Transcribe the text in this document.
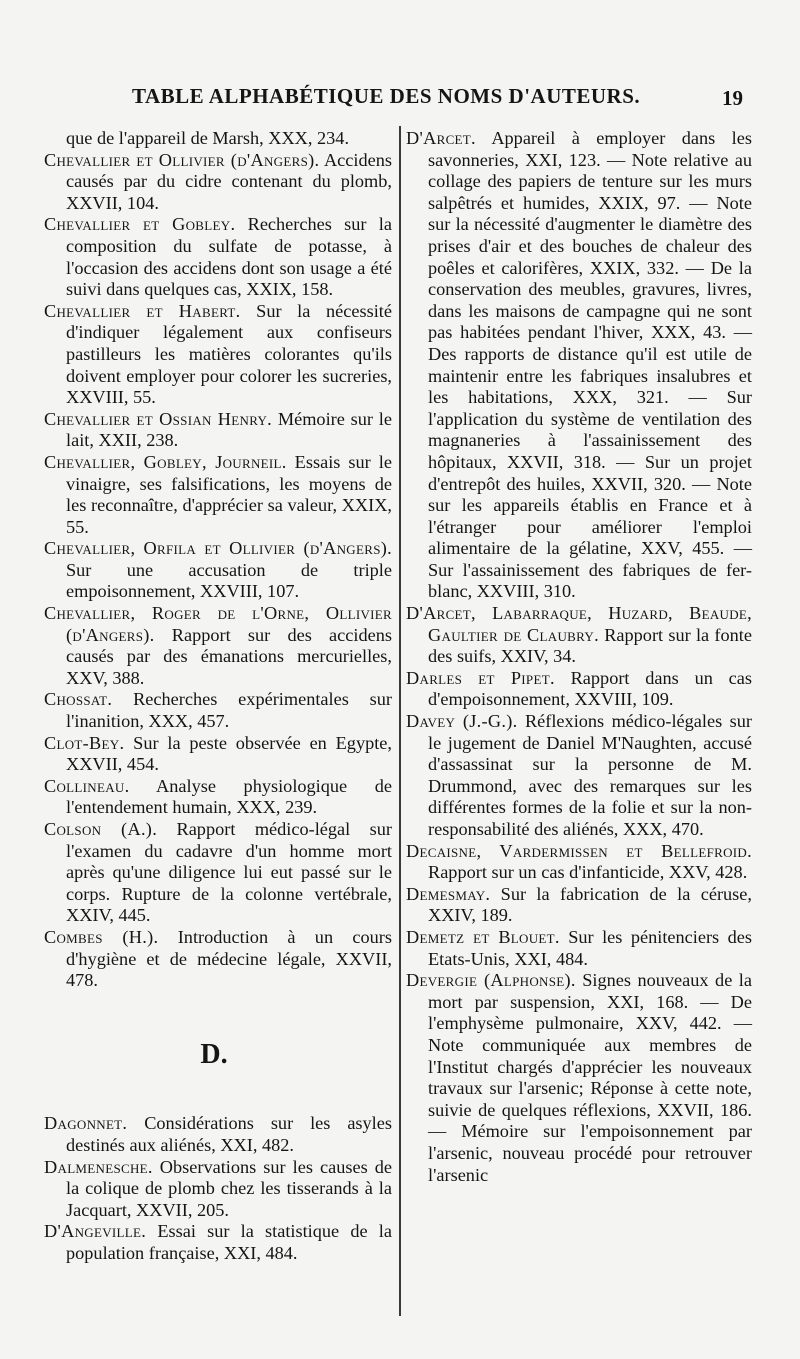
TABLE ALPHABÉTIQUE DES NOMS D'AUTEURS.	19

que de l'appareil de Marsh, XXX, 234.

Chevallier et Ollivier (d'Angers). Accidens causés par du cidre contenant du plomb, XXVII, 104.

Chevallier et Gobley. Recherches sur la composition du sulfate de potasse, à l'occasion des accidens dont son usage a été suivi dans quelques cas, XXIX, 158.

Chevallier et Habert. Sur la nécessité d'indiquer légalement aux confiseurs pastilleurs les matières colorantes qu'ils doivent employer pour colorer les sucreries, XXVIII, 55.

Chevallier et Ossian Henry. Mémoire sur le lait, XXII, 238.

Chevallier, Gobley, Journeil. Essais sur le vinaigre, ses falsifications, les moyens de les reconnaître, d'apprécier sa valeur, XXIX, 55.

Chevallier, Orfila et Ollivier (d'Angers). Sur une accusation de triple empoisonnement, XXVIII, 107.

Chevallier, Roger de l'Orne, Ollivier (d'Angers). Rapport sur des accidens causés par des émanations mercurielles, XXV, 388.

Chossat. Recherches expérimentales sur l'inanition, XXX, 457.

Clot-Bey. Sur la peste observée en Egypte, XXVII, 454.

Collineau. Analyse physiologique de l'entendement humain, XXX, 239.

Colson (A.). Rapport médico-légal sur l'examen du cadavre d'un homme mort après qu'une diligence lui eut passé sur le corps. Rupture de la colonne vertébrale, XXIV, 445.

Combes (H.). Introduction à un cours d'hygiène et de médecine légale, XXVII, 478.

D.

Dagonnet. Considérations sur les asyles destinés aux aliénés, XXI, 482.

Dalmenesche. Observations sur les causes de la colique de plomb chez les tisserands à la Jacquart, XXVII, 205.

D'Angeville. Essai sur la statistique de la population française, XXI, 484.

D'Arcet. Appareil à employer dans les savonneries, XXI, 123. — Note relative au collage des papiers de tenture sur les murs salpêtrés et humides, XXIX, 97. — Note sur la nécessité d'augmenter le diamètre des prises d'air et des bouches de chaleur des poêles et calorifères, XXIX, 332. — De la conservation des meubles, gravures, livres, dans les maisons de campagne qui ne sont pas habitées pendant l'hiver, XXX, 43. — Des rapports de distance qu'il est utile de maintenir entre les fabriques insalubres et les habitations, XXX, 321. — Sur l'application du système de ventilation des magnaneries à l'assainissement des hôpitaux, XXVII, 318. — Sur un projet d'entrepôt des huiles, XXVII, 320. — Note sur les appareils établis en France et à l'étranger pour améliorer l'emploi alimentaire de la gélatine, XXV, 455. — Sur l'assainissement des fabriques de fer-blanc, XXVIII, 310.

D'Arcet, Labarraque, Huzard, Beaude, Gaultier de Claubry. Rapport sur la fonte des suifs, XXIV, 34.

Darles et Pipet. Rapport dans un cas d'empoisonnement, XXVIII, 109.

Davey (J.-G.). Réflexions médico-légales sur le jugement de Daniel M'Naughten, accusé d'assassinat sur la personne de M. Drummond, avec des remarques sur les différentes formes de la folie et sur la non-responsabilité des aliénés, XXX, 470.

Decaisne, Vardermissen et Bellefroid. Rapport sur un cas d'infanticide, XXV, 428.

Demesmay. Sur la fabrication de la céruse, XXIV, 189.

Demetz et Blouet. Sur les pénitenciers des Etats-Unis, XXI, 484.

Devergie (Alphonse). Signes nouveaux de la mort par suspension, XXI, 168. — De l'emphysème pulmonaire, XXV, 442. — Note communiquée aux membres de l'Institut chargés d'apprécier les nouveaux travaux sur l'arsenic; Réponse à cette note, suivie de quelques réflexions, XXVII, 186. — Mémoire sur l'empoisonnement par l'arsenic, nouveau procédé pour retrouver l'arsenic
